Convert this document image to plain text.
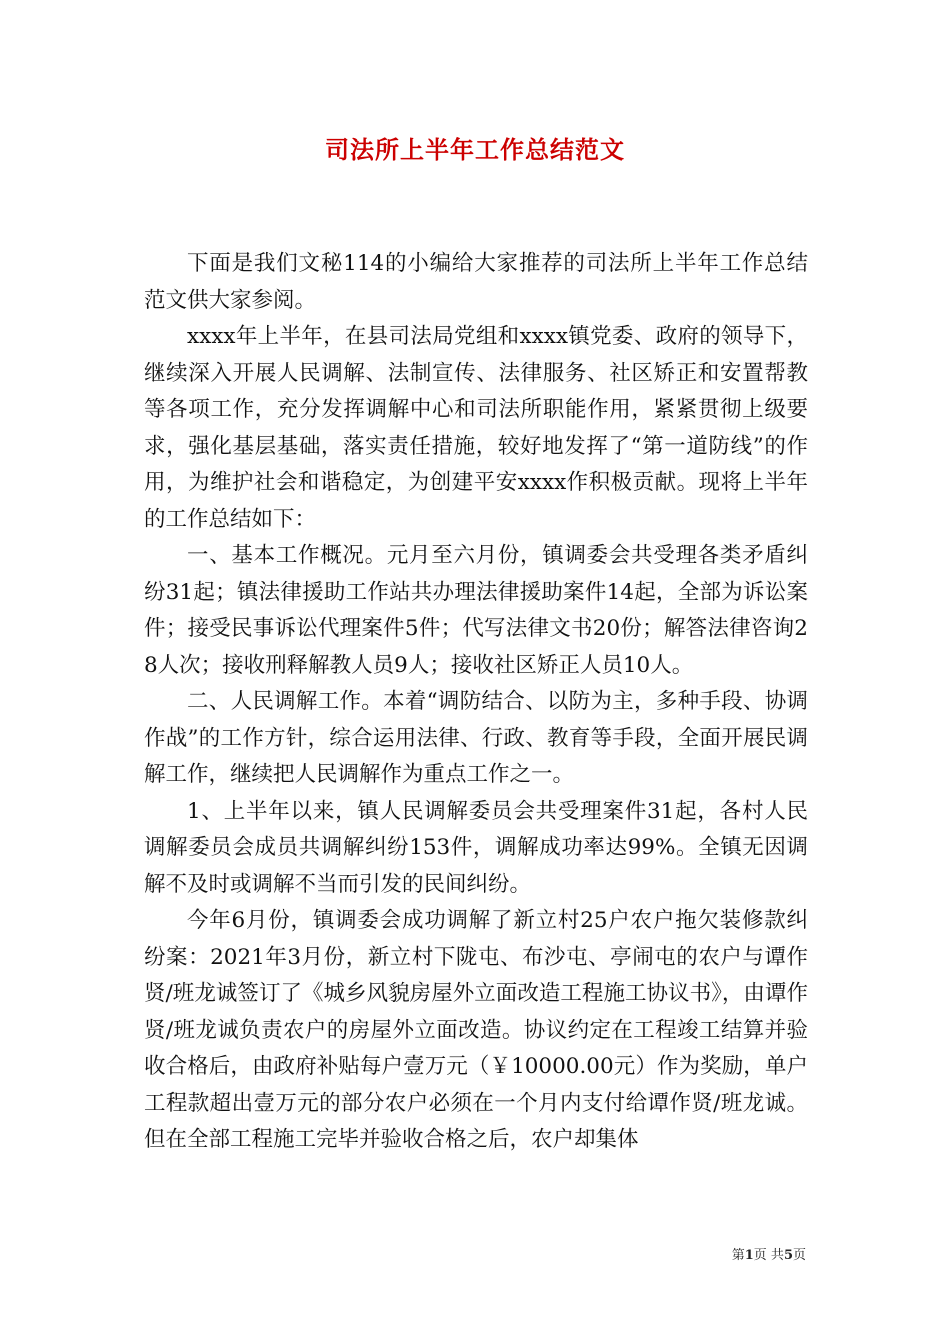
司法所上半年工作总结范文

下面是我们文秘114的小编给大家推荐的司法所上半年工作总结范文供大家参阅。

xxxx年上半年，在县司法局党组和xxxx镇党委、政府的领导下，继续深入开展人民调解、法制宣传、法律服务、社区矫正和安置帮教等各项工作，充分发挥调解中心和司法所职能作用，紧紧贯彻上级要求，强化基层基础，落实责任措施，较好地发挥了“第一道防线”的作用，为维护社会和谐稳定，为创建平安xxxx作积极贡献。现将上半年的工作总结如下：

一、基本工作概况。元月至六月份，镇调委会共受理各类矛盾纠纷31起；镇法律援助工作站共办理法律援助案件14起，全部为诉讼案件；接受民事诉讼代理案件5件；代写法律文书20份；解答法律咨询28人次；接收刑释解教人员9人；接收社区矫正人员10人。

二、人民调解工作。本着“调防结合、以防为主，多种手段、协调作战”的工作方针，综合运用法律、行政、教育等手段，全面开展民调解工作，继续把人民调解作为重点工作之一。

1、上半年以来，镇人民调解委员会共受理案件31起，各村人民调解委员会成员共调解纠纷153件，调解成功率达99%。全镇无因调解不及时或调解不当而引发的民间纠纷。

今年6月份，镇调委会成功调解了新立村25户农户拖欠装修款纠纷案：2021年3月份，新立村下陇屯、布沙屯、亭闹屯的农户与谭作贤/班龙诚签订了《城乡风貌房屋外立面改造工程施工协议书》，由谭作贤/班龙诚负责农户的房屋外立面改造。协议约定在工程竣工结算并验收合格后，由政府补贴每户壹万元（￥10000.00元）作为奖励，单户工程款超出壹万元的部分农户必须在一个月内支付给谭作贤/班龙诚。但在全部工程施工完毕并验收合格之后，农户却集体

第1页 共5页
